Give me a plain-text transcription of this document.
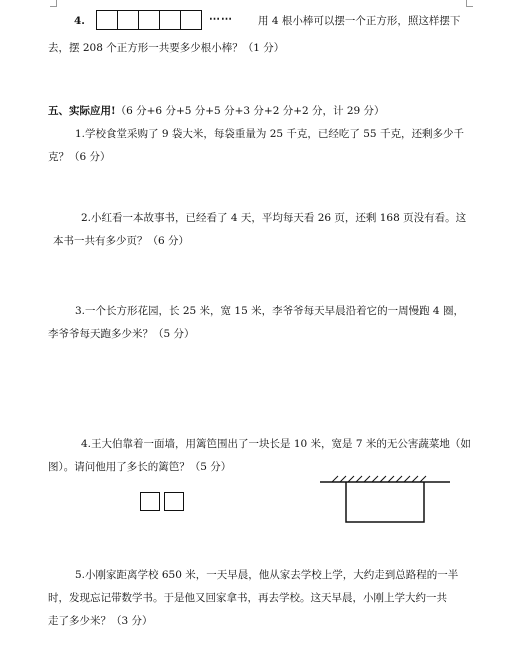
4.	⋯⋯ 用 4 根小棒可以摆一个正方形，照这样摆下
去，摆 208 个正方形一共要多少根小棒？（1 分）
五、实际应用!（6 分+6 分+5 分+5 分+3 分+2 分+2 分，计 29 分）
1.学校食堂采购了 9 袋大米，每袋重量为 25 千克，已经吃了 55 千克，还剩多少千
克？（6 分）
2.小红看一本故事书，已经看了 4 天，平均每天看 26 页，还剩 168 页没有看。这
本书一共有多少页？（6 分）
3.一个长方形花园，长 25 米，宽 15 米，李爷爷每天早晨沿着它的一周慢跑 4 圈，
李爷爷每天跑多少米？（5 分）
4.王大伯靠着一面墙，用篱笆围出了一块长是 10 米，宽是 7 米的无公害蔬菜地（如
图）。请问他用了多长的篱笆？（5 分）
5.小刚家距离学校 650 米，一天早晨，他从家去学校上学，大约走到总路程的一半
时，发现忘记带数学书。于是他又回家拿书，再去学校。这天早晨，小刚上学大约一共
走了多少米？（3 分）
